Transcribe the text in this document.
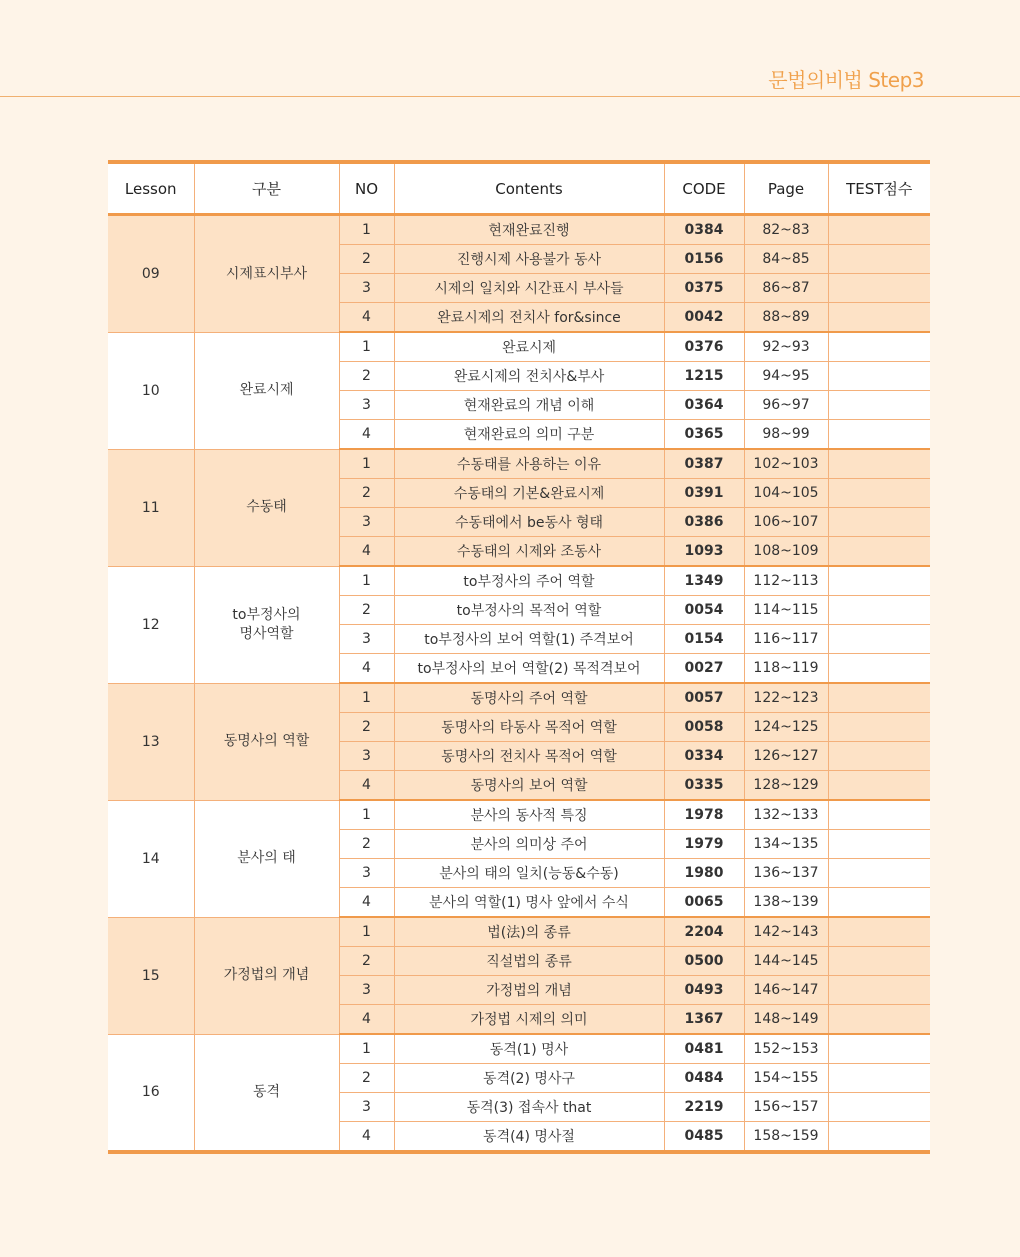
문법의비법 Step3
Lesson	구분	NO	Contents	CODE	Page	TEST점수
09	시제표시부사	1	현재완료진행	0384	82~83	
		2	진행시제 사용불가 동사	0156	84~85	
		3	시제의 일치와 시간표시 부사들	0375	86~87	
		4	완료시제의 전치사 for&since	0042	88~89	
10	완료시제	1	완료시제	0376	92~93	
		2	완료시제의 전치사&부사	1215	94~95	
		3	현재완료의 개념 이해	0364	96~97	
		4	현재완료의 의미 구분	0365	98~99	
11	수동태	1	수동태를 사용하는 이유	0387	102~103	
		2	수동태의 기본&완료시제	0391	104~105	
		3	수동태에서 be동사 형태	0386	106~107	
		4	수동태의 시제와 조동사	1093	108~109	
12	to부정사의 명사역할	1	to부정사의 주어 역할	1349	112~113	
		2	to부정사의 목적어 역할	0054	114~115	
		3	to부정사의 보어 역할(1) 주격보어	0154	116~117	
		4	to부정사의 보어 역할(2) 목적격보어	0027	118~119	
13	동명사의 역할	1	동명사의 주어 역할	0057	122~123	
		2	동명사의 타동사 목적어 역할	0058	124~125	
		3	동명사의 전치사 목적어 역할	0334	126~127	
		4	동명사의 보어 역할	0335	128~129	
14	분사의 태	1	분사의 동사적 특징	1978	132~133	
		2	분사의 의미상 주어	1979	134~135	
		3	분사의 태의 일치(능동&수동)	1980	136~137	
		4	분사의 역할(1) 명사 앞에서 수식	0065	138~139	
15	가정법의 개념	1	법(法)의 종류	2204	142~143	
		2	직설법의 종류	0500	144~145	
		3	가정법의 개념	0493	146~147	
		4	가정법 시제의 의미	1367	148~149	
16	동격	1	동격(1) 명사	0481	152~153	
		2	동격(2) 명사구	0484	154~155	
		3	동격(3) 접속사 that	2219	156~157	
		4	동격(4) 명사절	0485	158~159	
